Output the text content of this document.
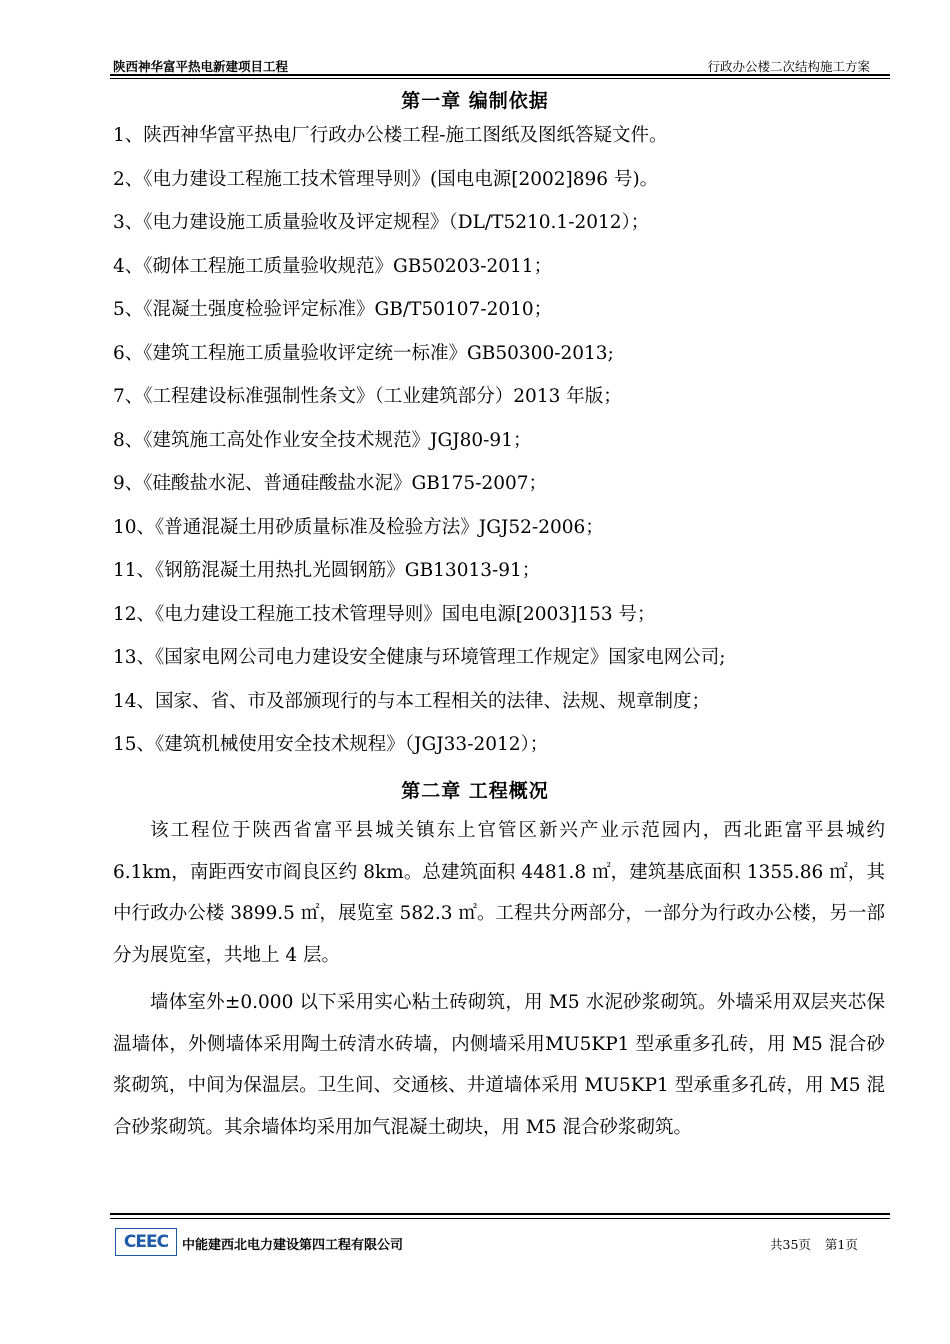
陕西神华富平热电新建项目工程	行政办公楼二次结构施工方案
第一章 编制依据
1、陕西神华富平热电厂行政办公楼工程-施工图纸及图纸答疑文件。
2、《电力建设工程施工技术管理导则》(国电电源[2002]896 号)。
3、《电力建设施工质量验收及评定规程》（DL/T5210.1-2012）；
4、《砌体工程施工质量验收规范》GB50203-2011；
5、《混凝土强度检验评定标准》GB/T50107-2010；
6、《建筑工程施工质量验收评定统一标准》GB50300-2013;
7、《工程建设标准强制性条文》（工业建筑部分）2013 年版；
8、《建筑施工高处作业安全技术规范》JGJ80-91；
9、《硅酸盐水泥、普通硅酸盐水泥》GB175-2007；
10、《普通混凝土用砂质量标准及检验方法》JGJ52-2006；
11、《钢筋混凝土用热扎光圆钢筋》GB13013-91；
12、《电力建设工程施工技术管理导则》国电电源[2003]153 号；
13、《国家电网公司电力建设安全健康与环境管理工作规定》国家电网公司;
14、国家、省、市及部颁现行的与本工程相关的法律、法规、规章制度；
15、《建筑机械使用安全技术规程》（JGJ33-2012）；
第二章 工程概况
该工程位于陕西省富平县城关镇东上官管区新兴产业示范园内，西北距富平县城约 6.1km，南距西安市阎良区约 8km。总建筑面积 4481.8 ㎡，建筑基底面积 1355.86 ㎡，其中行政办公楼 3899.5 ㎡，展览室 582.3 ㎡。工程共分两部分，一部分为行政办公楼，另一部分为展览室，共地上 4 层。
墙体室外±0.000 以下采用实心粘土砖砌筑，用 M5 水泥砂浆砌筑。外墙采用双层夹芯保温墙体，外侧墙体采用陶土砖清水砖墙，内侧墙采用MU5KP1 型承重多孔砖，用 M5 混合砂浆砌筑，中间为保温层。卫生间、交通核、井道墙体采用 MU5KP1 型承重多孔砖，用 M5 混合砂浆砌筑。其余墙体均采用加气混凝土砌块，用 M5 混合砂浆砌筑。
CEEC	中能建西北电力建设第四工程有限公司	共35页 第1页
